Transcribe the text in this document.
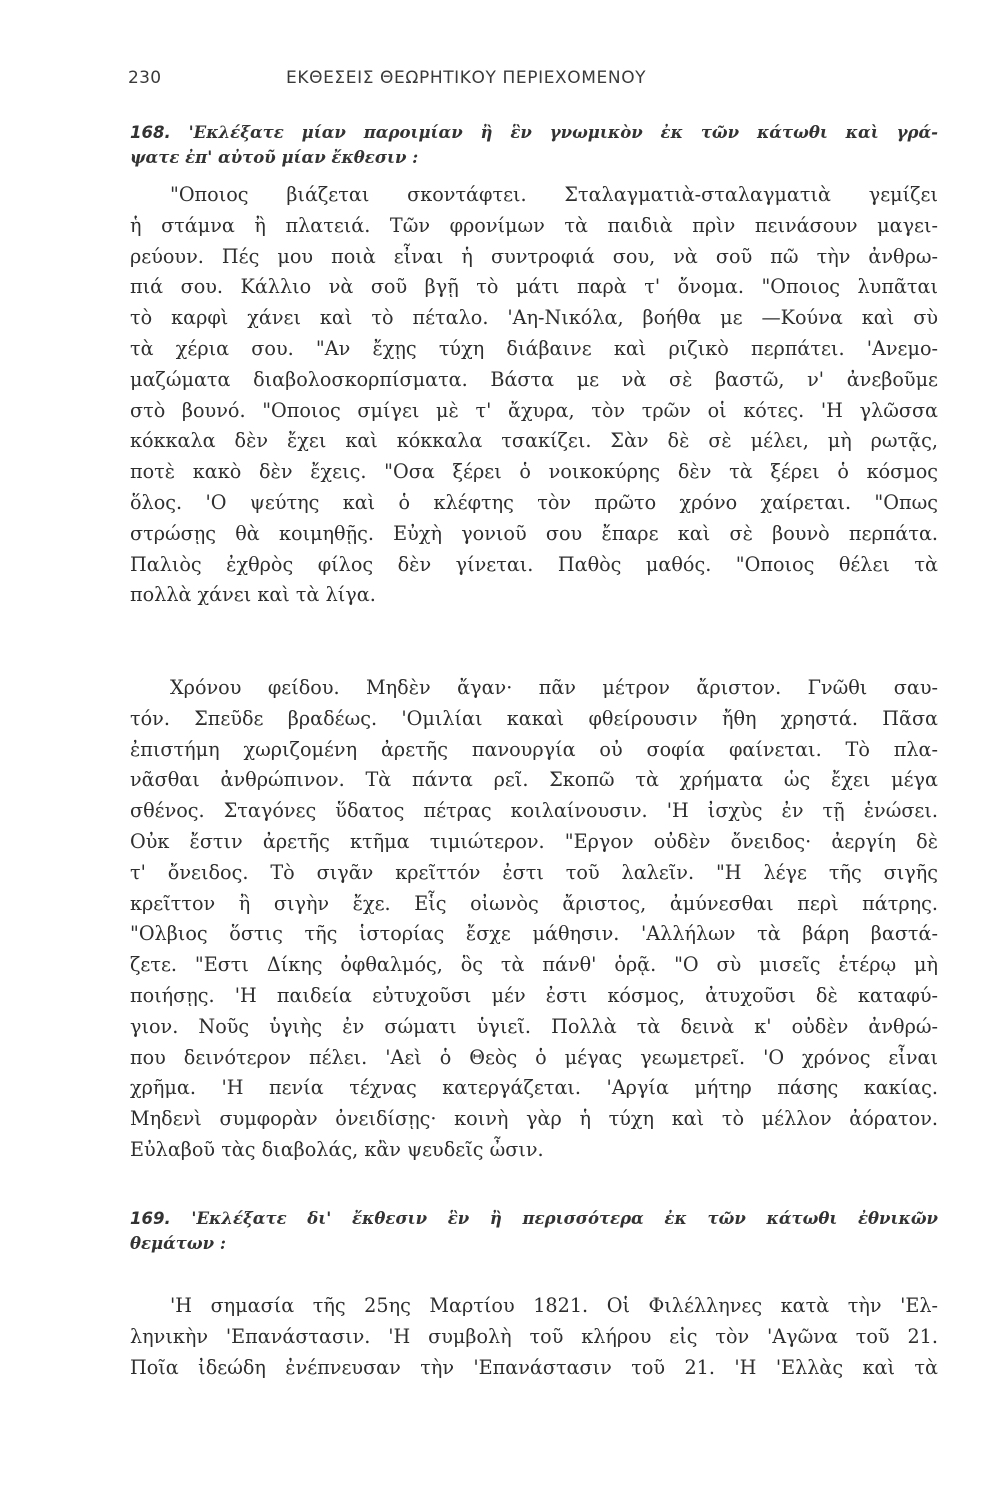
230	ΕΚΘΕΣΕΙΣ ΘΕΩΡΗΤΙΚΟΥ ΠΕΡΙΕΧΟΜΕΝΟΥ
168. 'Εκλέξατε μίαν παροιμίαν ἢ ἓν γνωμικὸν ἐκ τῶν κάτωθι καὶ γρά-
ψατε ἐπ' αὐτοῦ μίαν ἔκθεσιν :
"Οποιος βιάζεται σκοντάφτει. Σταλαγματιὰ-σταλαγματιὰ γεμίζει
ἡ στάμνα ἢ πλατειά. Τῶν φρονίμων τὰ παιδιὰ πρὶν πεινάσουν μαγει-
ρεύουν. Πές μου ποιὰ εἶναι ἡ συντροφιά σου, νὰ σοῦ πῶ τὴν ἀνθρω-
πιά σου. Κάλλιο νὰ σοῦ βγῇ τὸ μάτι παρὰ τ' ὄνομα. "Οποιος λυπᾶται
τὸ καρφὶ χάνει καὶ τὸ πέταλο. 'Αη-Νικόλα, βοήθα με —Κούνα καὶ σὺ
τὰ χέρια σου. "Αν ἔχῃς τύχη διάβαινε καὶ ριζικὸ περπάτει. 'Ανεμο-
μαζώματα διαβολοσκορπίσματα. Βάστα με νὰ σὲ βαστῶ, ν' ἀνεβοῦμε
στὸ βουνό. "Οποιος σμίγει μὲ τ' ἄχυρα, τὸν τρῶν οἱ κότες. 'Η γλῶσσα
κόκκαλα δὲν ἔχει καὶ κόκκαλα τσακίζει. Σὰν δὲ σὲ μέλει, μὴ ρωτᾷς,
ποτὲ κακὸ δὲν ἔχεις. "Οσα ξέρει ὁ νοικοκύρης δὲν τὰ ξέρει ὁ κόσμος
ὅλος. 'Ο ψεύτης καὶ ὁ κλέφτης τὸν πρῶτο χρόνο χαίρεται. "Οπως
στρώσῃς θὰ κοιμηθῇς. Εὐχὴ γονιοῦ σου ἔπαρε καὶ σὲ βουνὸ περπάτα.
Παλιὸς ἐχθρὸς φίλος δὲν γίνεται. Παθὸς μαθός. "Οποιος θέλει τὰ
πολλὰ χάνει καὶ τὰ λίγα.
Χρόνου φείδου. Μηδὲν ἄγαν· πᾶν μέτρον ἄριστον. Γνῶθι σαυ-
τόν. Σπεῦδε βραδέως. 'Ομιλίαι κακαὶ φθείρουσιν ἤθη χρηστά. Πᾶσα
ἐπιστήμη χωριζομένη ἀρετῆς πανουργία οὐ σοφία φαίνεται. Τὸ πλα-
νᾶσθαι ἀνθρώπινον. Τὰ πάντα ρεῖ. Σκοπῶ τὰ χρήματα ὡς ἔχει μέγα
σθένος. Σταγόνες ὕδατος πέτρας κοιλαίνουσιν. 'Η ἰσχὺς ἐν τῇ ἑνώσει.
Οὐκ ἔστιν ἀρετῆς κτῆμα τιμιώτερον. "Εργον οὐδὲν ὄνειδος· ἀεργίη δὲ
τ' ὄνειδος. Τὸ σιγᾶν κρεῖττόν ἐστι τοῦ λαλεῖν. "Η λέγε τῆς σιγῆς
κρεῖττον ἢ σιγὴν ἔχε. Εἷς οἰωνὸς ἄριστος, ἀμύνεσθαι περὶ πάτρης.
"Ολβιος ὅστις τῆς ἱστορίας ἔσχε μάθησιν. 'Αλλήλων τὰ βάρη βαστά-
ζετε. "Εστι Δίκης ὀφθαλμός, ὃς τὰ πάνθ' ὁρᾷ. "Ο σὺ μισεῖς ἑτέρῳ μὴ
ποιήσῃς. 'Η παιδεία εὐτυχοῦσι μέν ἐστι κόσμος, ἀτυχοῦσι δὲ καταφύ-
γιον. Νοῦς ὑγιὴς ἐν σώματι ὑγιεῖ. Πολλὰ τὰ δεινὰ κ' οὐδὲν ἀνθρώ-
που δεινότερον πέλει. 'Αεὶ ὁ Θεὸς ὁ μέγας γεωμετρεῖ. 'Ο χρόνος εἶναι
χρῆμα. 'Η πενία τέχνας κατεργάζεται. 'Αργία μήτηρ πάσης κακίας.
Μηδενὶ συμφορὰν ὀνειδίσῃς· κοινὴ γὰρ ἡ τύχη καὶ τὸ μέλλον ἀόρατον.
Εὐλαβοῦ τὰς διαβολάς, κἂν ψευδεῖς ὦσιν.
169. 'Εκλέξατε δι' ἔκθεσιν ἓν ἢ περισσότερα ἐκ τῶν κάτωθι ἐθνικῶν
θεμάτων :
'Η σημασία τῆς 25ης Μαρτίου 1821. Οἱ Φιλέλληνες κατὰ τὴν 'Ελ-
ληνικὴν 'Επανάστασιν. 'Η συμβολὴ τοῦ κλήρου εἰς τὸν 'Αγῶνα τοῦ 21.
Ποῖα ἰδεώδη ἐνέπνευσαν τὴν 'Επανάστασιν τοῦ 21. 'Η 'Ελλὰς καὶ τὰ
